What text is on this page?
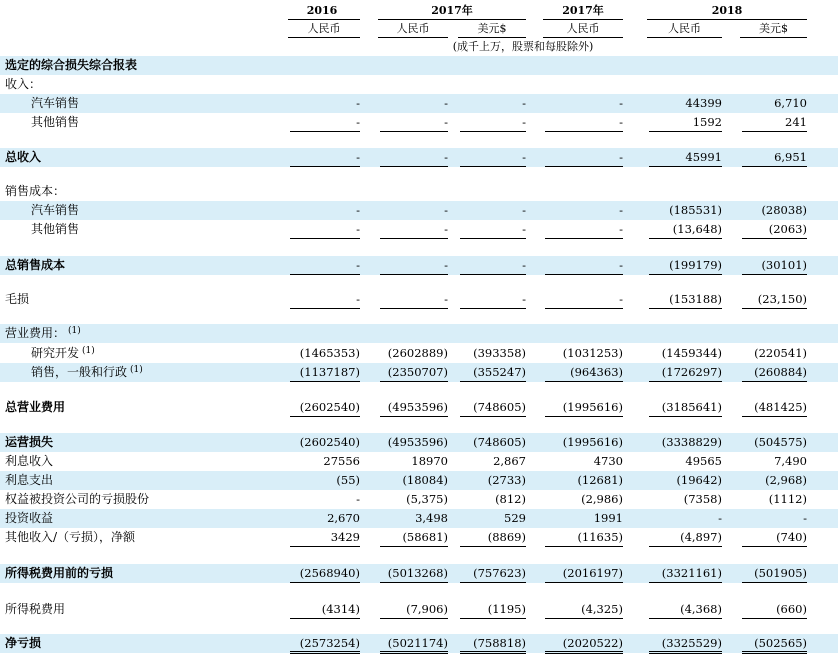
2016	2017年	2017年	2018
人民币	人民币	美元$	人民币	人民币	美元$
(成千上万，股票和每股除外)
选定的综合损失综合报表
收入：
汽车销售	-	-	-	-	44399	6,710
其他销售	-	-	-	-	1592	241
总收入	-	-	-	-	45991	6,951
销售成本：
汽车销售	-	-	-	-	(185531)	(28038)
其他销售	-	-	-	-	(13,648)	(2063)
总销售成本	-	-	-	-	(199179)	(30101)
毛损	-	-	-	-	(153188)	(23,150)
营业费用： $^{(1)}$
研究开发 $^{(1)}$	(1465353)	(2602889)	(393358)	(1031253)	(1459344)	(220541)
销售，一般和行政 $^{(1)}$	(1137187)	(2350707)	(355247)	(964363)	(1726297)	(260884)
总营业费用	(2602540)	(4953596)	(748605)	(1995616)	(3185641)	(481425)
运营损失	(2602540)	(4953596)	(748605)	(1995616)	(3338829)	(504575)
利息收入	27556	18970	2,867	4730	49565	7,490
利息支出	(55)	(18084)	(2733)	(12681)	(19642)	(2,968)
权益被投资公司的亏损股份	-	(5,375)	(812)	(2,986)	(7358)	(1112)
投资收益	2,670	3,498	529	1991	-	-
其他收入/（亏损），净额	3429	(58681)	(8869)	(11635)	(4,897)	(740)
所得税费用前的亏损	(2568940)	(5013268)	(757623)	(2016197)	(3321161)	(501905)
所得税费用	(4314)	(7,906)	(1195)	(4,325)	(4,368)	(660)
净亏损	(2573254)	(5021174)	(758818)	(2020522)	(3325529)	(502565)
